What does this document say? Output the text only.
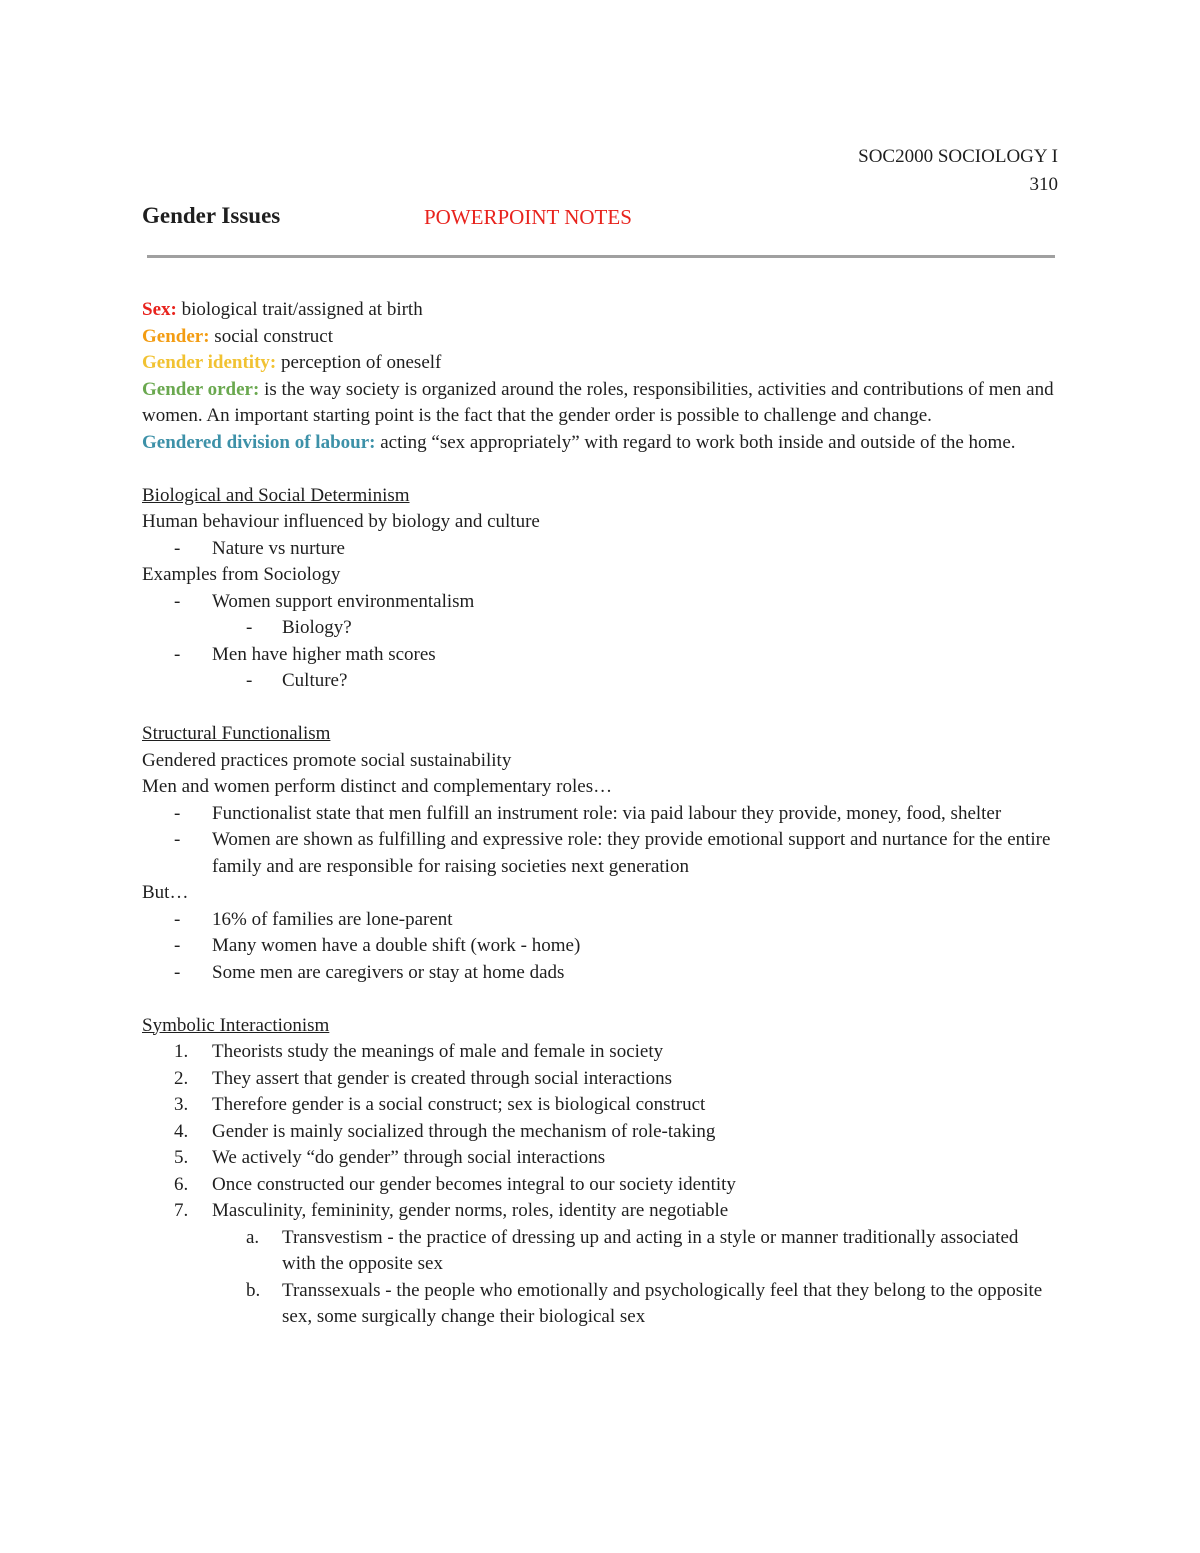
SOC2000 SOCIOLOGY I
310
Gender Issues	POWERPOINT NOTES
Sex: biological trait/assigned at birth
Gender: social construct
Gender identity: perception of oneself
Gender order: is the way society is organized around the roles, responsibilities, activities and contributions of men and women. An important starting point is the fact that the gender order is possible to challenge and change.
Gendered division of labour: acting “sex appropriately” with regard to work both inside and outside of the home.
Biological and Social Determinism
Human behaviour influenced by biology and culture
- Nature vs nurture
Examples from Sociology
- Women support environmentalism
- Biology?
- Men have higher math scores
- Culture?
Structural Functionalism
Gendered practices promote social sustainability
Men and women perform distinct and complementary roles…
- Functionalist state that men fulfill an instrument role: via paid labour they provide, money, food, shelter
- Women are shown as fulfilling and expressive role: they provide emotional support and nurtance for the entire family and are responsible for raising societies next generation
But…
- 16% of families are lone-parent
- Many women have a double shift (work - home)
- Some men are caregivers or stay at home dads
Symbolic Interactionism
1. Theorists study the meanings of male and female in society
2. They assert that gender is created through social interactions
3. Therefore gender is a social construct; sex is biological construct
4. Gender is mainly socialized through the mechanism of role-taking
5. We actively “do gender” through social interactions
6. Once constructed our gender becomes integral to our society identity
7. Masculinity, femininity, gender norms, roles, identity are negotiable
a. Transvestism - the practice of dressing up and acting in a style or manner traditionally associated with the opposite sex
b. Transsexuals - the people who emotionally and psychologically feel that they belong to the opposite sex, some surgically change their biological sex
